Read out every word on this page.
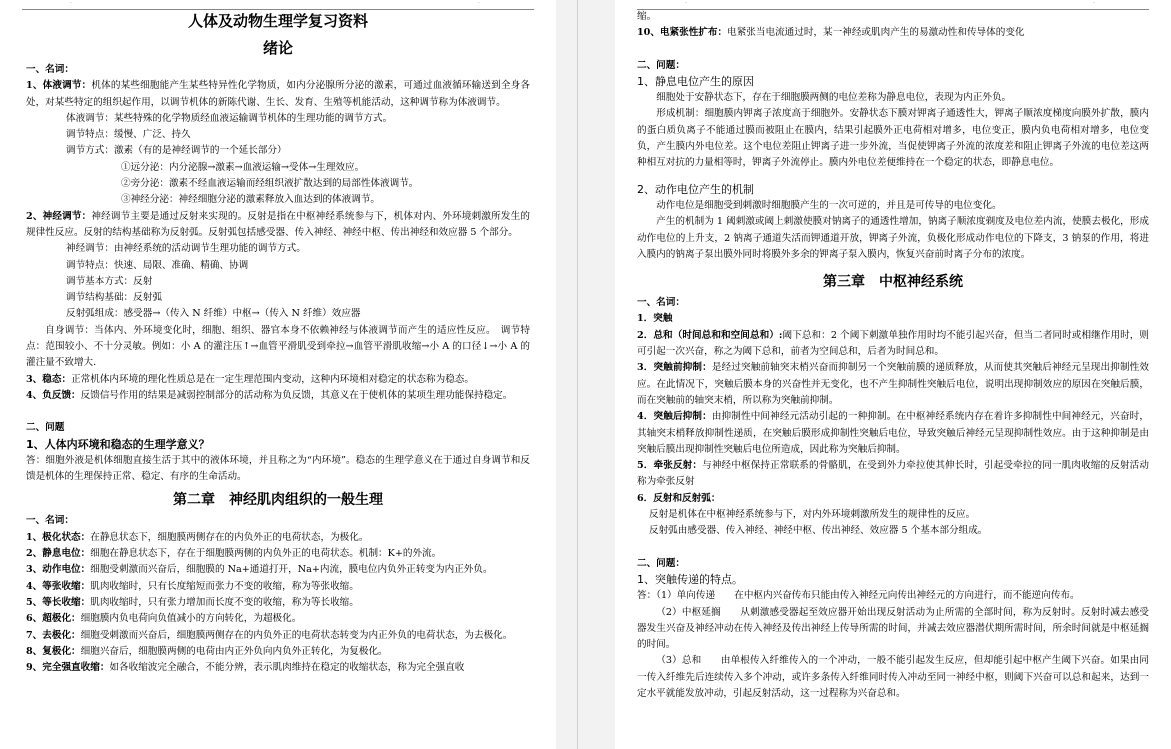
·	·
人体及动物生理学复习资料
绪论

一、名词：

1、体液调节：机体的某些细胞能产生某些特异性化学物质，如内分泌腺所分泌的激素，可通过血液循环输送到全身各处，对某些特定的组织起作用，以调节机体的新陈代谢、生长、发育、生殖等机能活动，这种调节称为体液调节。

体液调节：某些特殊的化学物质经血液运输调节机体的生理功能的调节方式。

调节特点：缓慢、广泛、持久

调节方式：激素（有的是神经调节的一个延长部分）

①远分泌：内分泌腺→激素→血液运输→受体→生理效应。

②旁分泌：激素不经血液运输而经组织液扩散达到的局部性体液调节。

③神经分泌：神经细胞分泌的激素释放入血达到的体液调节。

2、神经调节：神经调节主要是通过反射来实现的。反射是指在中枢神经系统参与下，机体对内、外环境刺激所发生的规律性反应。反射的结构基础称为反射弧。反射弧包括感受器、传入神经、神经中枢、传出神经和效应器 5 个部分。

神经调节：由神经系统的活动调节生理功能的调节方式。

调节特点：快速、局限、准确、精确、协调

调节基本方式：反射

调节结构基础：反射弧

反射弧组成：感受器→（传入 N 纤维）中枢→（传入 N 纤维）效应器

自身调节：当体内、外环境变化时，细胞、组织、器官本身不依赖神经与体液调节而产生的适应性反应。　调节特点：范围较小、不十分灵敏。例如：小 A 的灌注压↑→血管平滑肌受到牵拉→血管平滑肌收缩→小 A 的口径↓→小 A 的灌注量不致增大.

3、稳态：正常机体内环境的理化性质总是在一定生理范围内变动，这种内环境相对稳定的状态称为稳态。

4、负反馈：反馈信号作用的结果是减弱控制部分的活动称为负反馈，其意义在于使机体的某项生理功能保持稳定。

二、问题

1、人体内环境和稳态的生理学意义？

答：细胞外液是机体细胞直接生活于其中的液体环境，并且称之为“内环境”。稳态的生理学意义在于通过自身调节和反馈是机体的生理保持正常、稳定、有序的生命活动。

第二章　神经肌肉组织的一般生理

一、名词：

1、极化状态：在静息状态下，细胞膜两侧存在的内负外正的电荷状态，为极化。

2、静息电位：细胞在静息状态下，存在于细胞膜两侧的内负外正的电荷状态。机制：K+的外流。

3、动作电位：细胞受刺激而兴奋后，细胞膜的 Na+通道打开，Na+内流，膜电位内负外正转变为内正外负。

4、等张收缩：肌肉收缩时，只有长度缩短而张力不变的收缩，称为等张收缩。

5、等长收缩：肌肉收缩时，只有张力增加而长度不变的收缩，称为等长收缩。

6、超极化：细胞膜内负电荷向负值减小的方向转化，为超极化。

7、去极化：细胞受刺激而兴奋后，细胞膜两侧存在的内负外正的电荷状态转变为内正外负的电荷状态，为去极化。

8、复极化：细胞兴奋后，细胞膜两侧的电荷由内正外负向内负外正转化，为复极化。

9、完全强直收缩：如各收缩波完全融合，不能分辨，表示肌肉维持在稳定的收缩状态，称为完全强直收

·	·

缩。

10、电紧张性扩布：电紧张当电流通过时，某一神经或肌肉产生的易激动性和传导体的变化

二、问题：

1、静息电位产生的原因

细胞处于安静状态下，存在于细胞膜两侧的电位差称为静息电位，表现为内正外负。

形成机制：细胞膜内钾离子浓度高于细胞外。安静状态下膜对钾离子通透性大，钾离子顺浓度梯度向膜外扩散，膜内的蛋白质负离子不能通过膜而被阻止在膜内，结果引起膜外正电荷相对增多，电位变正，膜内负电荷相对增多，电位变负，产生膜内外电位差。这个电位差阻止钾离子进一步外流，当促使钾离子外流的浓度差和阻止钾离子外流的电位差这两种相互对抗的力量相等时，钾离子外流停止。膜内外电位差便维持在一个稳定的状态，即静息电位。

2、动作电位产生的机制

动作电位是细胞受到刺激时细胞膜产生的一次可逆的，并且是可传导的电位变化。

产生的机制为 1 阈刺激或阈上刺激使膜对钠离子的通透性增加，钠离子顺浓度剃度及电位差内流，使膜去极化，形成动作电位的上升支，2 钠离子通道失活而钾通道开放，钾离子外流，负极化形成动作电位的下降支，3 钠泵的作用，将进入膜内的钠离子泵出膜外同时将膜外多余的钾离子泵入膜内，恢复兴奋前时离子分布的浓度。

第三章　中枢神经系统

一、名词：

1．突触

2．总和（时间总和和空间总和）:阈下总和：2 个阈下刺激单独作用时均不能引起兴奋，但当二者同时或相继作用时，则可引起一次兴奋，称之为阈下总和，前者为空间总和，后者为时间总和。

3．突触前抑制：是经过突触前轴突末梢兴奋而抑制另一个突触前膜的递质释放，从而使其突触后神经元呈现出抑制性效应。在此情况下，突触后膜本身的兴奋性并无变化，也不产生抑制性突触后电位，说明出现抑制效应的原因在突触后膜，而在突触前的轴突末梢，所以称为突触前抑制。

4．突触后抑制：由抑制性中间神经元活动引起的一种抑制。在中枢神经系统内存在着许多抑制性中间神经元，兴奋时，其轴突末梢释放抑制性递质，在突触后膜形成抑制性突触后电位，导致突触后神经元呈现抑制性效应。由于这种抑制是由突触后膜出现抑制性突触后电位所造成，因此称为突触后抑制。

5．牵张反射：与神经中枢保持正常联系的骨骼肌，在受到外力牵拉使其伸长时，引起受牵拉的同一肌肉收缩的反射活动称为牵张反射

6．反射和反射弧：

反射是机体在中枢神经系统参与下，对内外环境刺激所发生的规律性的反应。

反射弧由感受器、传入神经、神经中枢、传出神经、效应器 5 个基本部分组成。

二、问题：

1、突触传递的特点。

答：（1）单向传递　　在中枢内兴奋传布只能由传入神经元向传出神经元的方向进行，而不能逆向传布。

（2）中枢延搁　　从刺激感受器起至效应器开始出现反射活动为止所需的全部时间，称为反射时。反射时减去感受器发生兴奋及神经冲动在传入神经及传出神经上传导所需的时间，并减去效应器潜伏期所需时间，所余时间就是中枢延搁的时间。

（3）总和　　由单根传入纤维传入的一个冲动，一般不能引起发生反应，但却能引起中枢产生阈下兴奋。如果由同一传入纤维先后连续传入多个冲动，或许多条传入纤维同时传入冲动至同一神经中枢，则阈下兴奋可以总和起来，达到一定水平就能发放冲动，引起反射活动，这一过程称为兴奋总和。
